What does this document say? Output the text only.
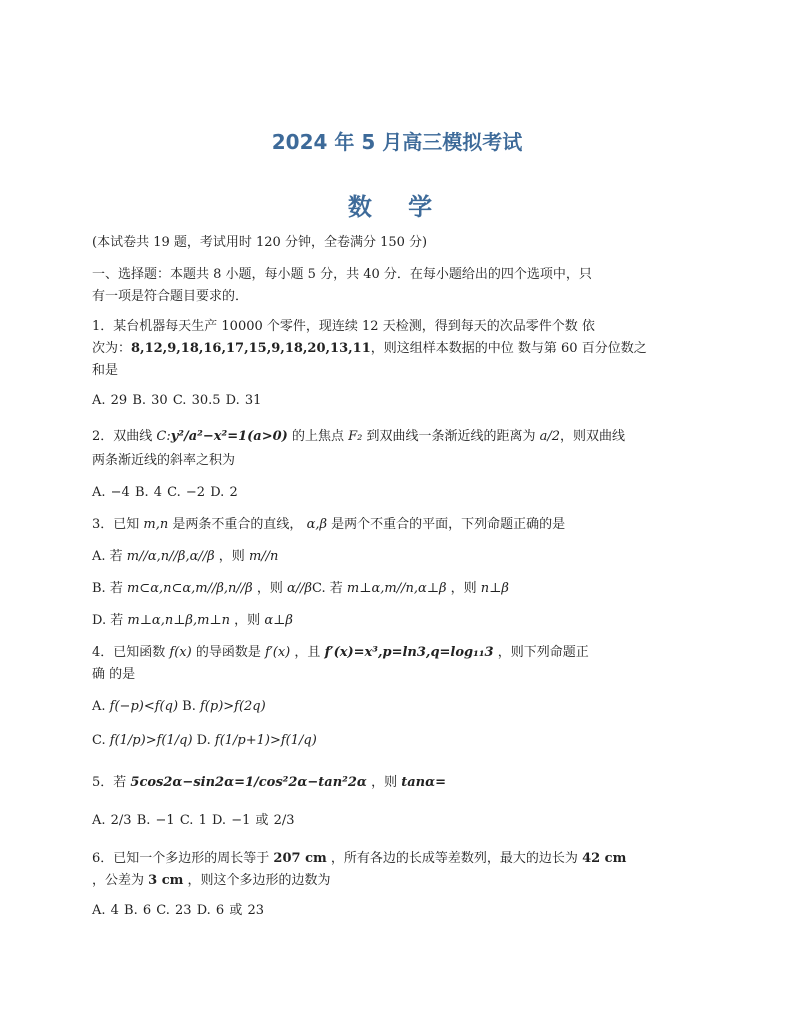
2024 年 5 月高三模拟考试
数 学
(本试卷共 19 题，考试用时 120 分钟，全卷满分 150 分)
一、选择题：本题共 8 小题，每小题 5 分，共 40 分．在每小题给出的四个选项中，只
有一项是符合题目要求的．
1．某台机器每天生产 10000 个零件，现连续 12 天检测，得到每天的次品零件个数 依
次为：8,12,9,18,16,17,15,9,18,20,13,11，则这组样本数据的中位 数与第 60 百分位数之
和是
A. 29 B. 30 C. 30.5 D. 31
2．双曲线 C:y²/a²−x²=1(a>0) 的上焦点 F₂ 到双曲线一条渐近线的距离为 a/2，则双曲线
两条渐近线的斜率之积为
A. −4 B. 4 C. −2 D. 2
3．已知 m,n 是两条不重合的直线， α,β 是两个不重合的平面，下列命题正确的是
A. 若 m//α,n//β,α//β ，则 m//n
B. 若 m⊂α,n⊂α,m//β,n//β ，则 α//βC. 若 m⊥α,m//n,α⊥β ，则 n⊥β
D. 若 m⊥α,n⊥β,m⊥n ，则 α⊥β
4．已知函数 f(x) 的导函数是 f′(x) ，且 f′(x)=x³,p=ln3,q=log₁₁3 ，则下列命题正
确 的是
A. f(−p)<f(q) B. f(p)>f(2q)
C. f(1/p)>f(1/q) D. f(1/p+1)>f(1/q)
5．若 5cos2α−sin2α=1/cos²2α−tan²2α ，则 tanα=
A. 2/3 B. −1 C. 1 D. −1 或 2/3
6．已知一个多边形的周长等于 207 cm ，所有各边的长成等差数列，最大的边长为 42 cm
，公差为 3 cm ，则这个多边形的边数为
A. 4 B. 6 C. 23 D. 6 或 23
